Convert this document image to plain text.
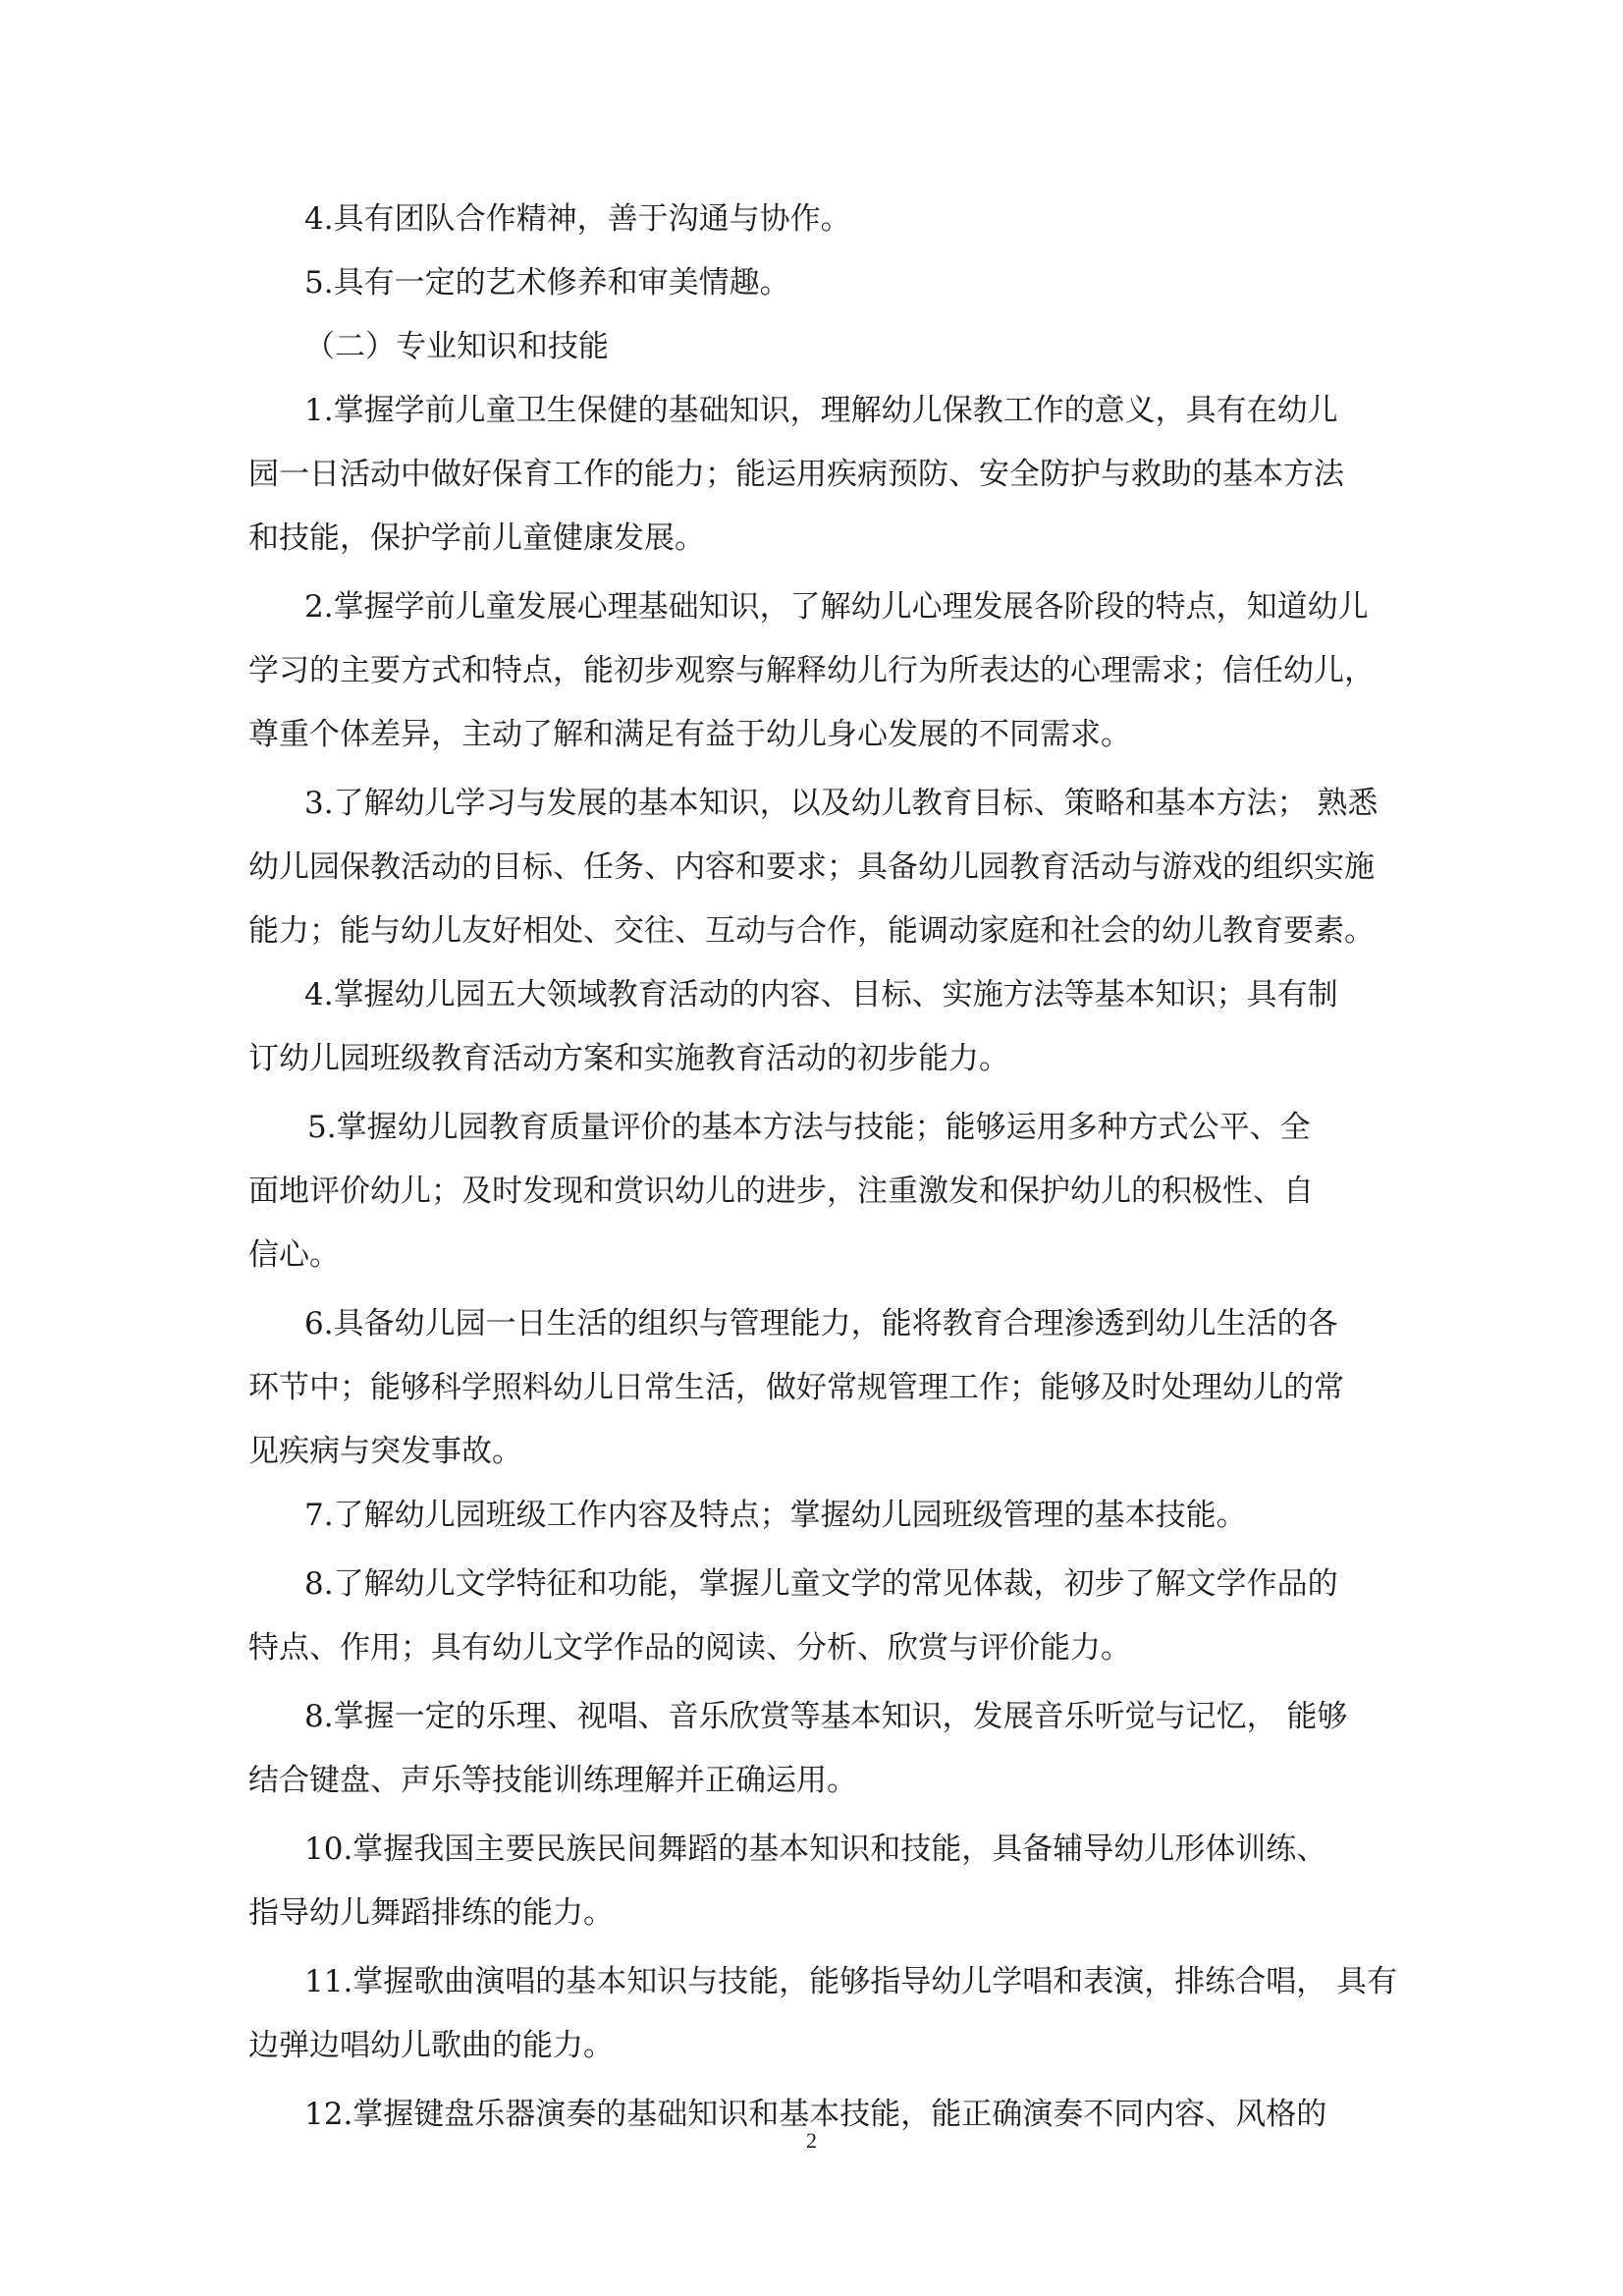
4.具有团队合作精神，善于沟通与协作。
5.具有一定的艺术修养和审美情趣。
（二）专业知识和技能
1.掌握学前儿童卫生保健的基础知识，理解幼儿保教工作的意义，具有在幼儿
园一日活动中做好保育工作的能力；能运用疾病预防、安全防护与救助的基本方法
和技能，保护学前儿童健康发展。
2.掌握学前儿童发展心理基础知识，了解幼儿心理发展各阶段的特点，知道幼儿
学习的主要方式和特点，能初步观察与解释幼儿行为所表达的心理需求；信任幼儿，
尊重个体差异，主动了解和满足有益于幼儿身心发展的不同需求。
3.了解幼儿学习与发展的基本知识，以及幼儿教育目标、策略和基本方法； 熟悉
幼儿园保教活动的目标、任务、内容和要求；具备幼儿园教育活动与游戏的组织实施
能力；能与幼儿友好相处、交往、互动与合作，能调动家庭和社会的幼儿教育要素。
4.掌握幼儿园五大领域教育活动的内容、目标、实施方法等基本知识；具有制
订幼儿园班级教育活动方案和实施教育活动的初步能力。
5.掌握幼儿园教育质量评价的基本方法与技能；能够运用多种方式公平、全
面地评价幼儿；及时发现和赏识幼儿的进步，注重激发和保护幼儿的积极性、自
信心。
6.具备幼儿园一日生活的组织与管理能力，能将教育合理渗透到幼儿生活的各
环节中；能够科学照料幼儿日常生活，做好常规管理工作；能够及时处理幼儿的常
见疾病与突发事故。
7.了解幼儿园班级工作内容及特点；掌握幼儿园班级管理的基本技能。
8.了解幼儿文学特征和功能，掌握儿童文学的常见体裁，初步了解文学作品的
特点、作用；具有幼儿文学作品的阅读、分析、欣赏与评价能力。
8.掌握一定的乐理、视唱、音乐欣赏等基本知识，发展音乐听觉与记忆， 能够
结合键盘、声乐等技能训练理解并正确运用。
10.掌握我国主要民族民间舞蹈的基本知识和技能，具备辅导幼儿形体训练、
指导幼儿舞蹈排练的能力。
11.掌握歌曲演唱的基本知识与技能，能够指导幼儿学唱和表演，排练合唱， 具有
边弹边唱幼儿歌曲的能力。
12.掌握键盘乐器演奏的基础知识和基本技能，能正确演奏不同内容、风格的
2
